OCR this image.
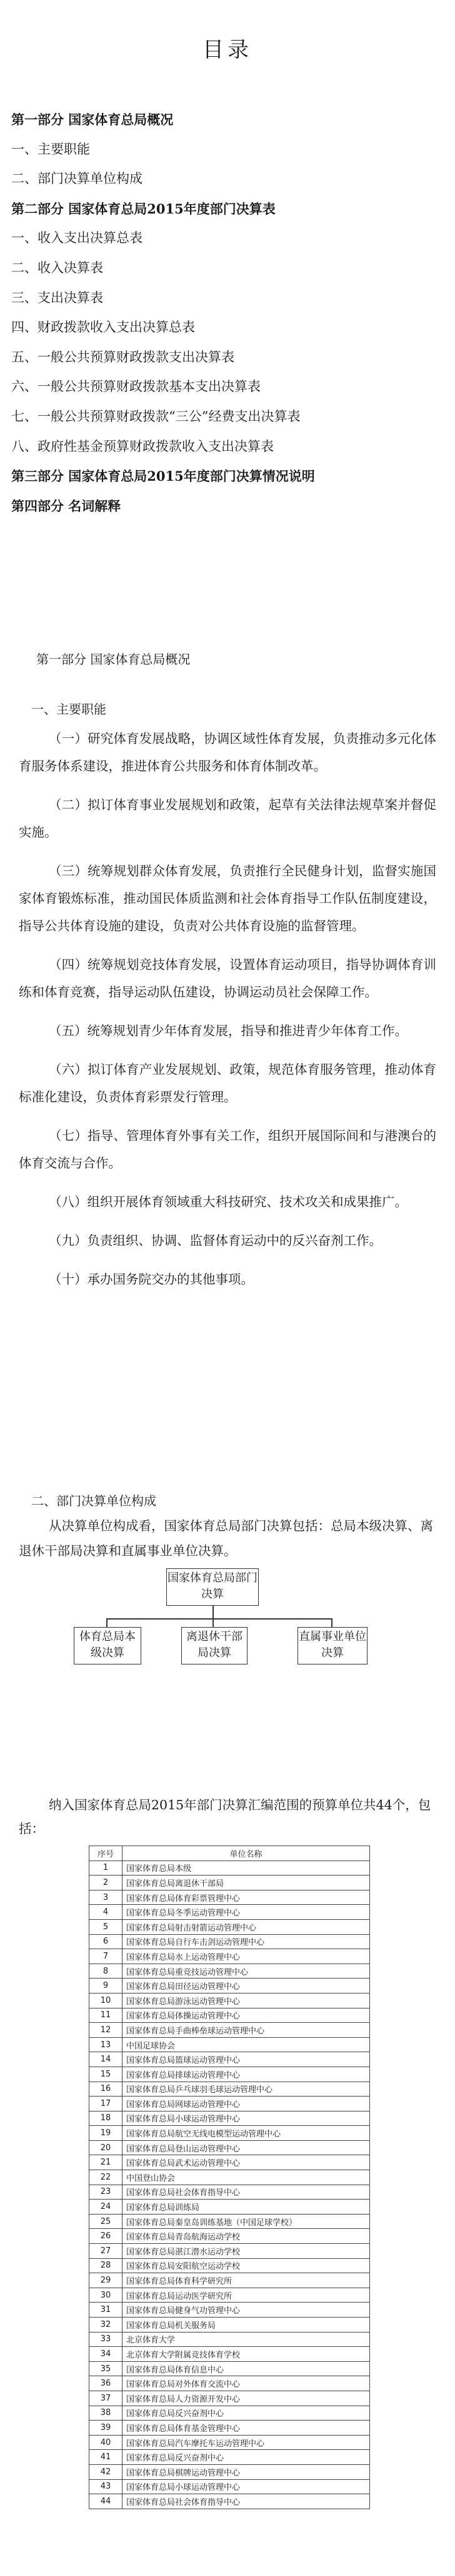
目录
第一部分 国家体育总局概况
一、主要职能
二、部门决算单位构成
第二部分 国家体育总局2015年度部门决算表
一、收入支出决算总表
二、收入决算表
三、支出决算表
四、财政拨款收入支出决算总表
五、一般公共预算财政拨款支出决算表
六、一般公共预算财政拨款基本支出决算表
七、一般公共预算财政拨款“三公”经费支出决算表
八、政府性基金预算财政拨款收入支出决算表
第三部分 国家体育总局2015年度部门决算情况说明
第四部分 名词解释
第一部分 国家体育总局概况
一、主要职能

（一）研究体育发展战略，协调区域性体育发展，负责推动多元化体育服务体系建设，推进体育公共服务和体育体制改革。

（二）拟订体育事业发展规划和政策，起草有关法律法规草案并督促实施。

（三）统筹规划群众体育发展，负责推行全民健身计划，监督实施国家体育锻炼标准，推动国民体质监测和社会体育指导工作队伍制度建设，指导公共体育设施的建设，负责对公共体育设施的监督管理。

（四）统筹规划竞技体育发展，设置体育运动项目，指导协调体育训练和体育竞赛，指导运动队伍建设，协调运动员社会保障工作。

（五）统筹规划青少年体育发展，指导和推进青少年体育工作。

（六）拟订体育产业发展规划、政策，规范体育服务管理，推动体育标准化建设，负责体育彩票发行管理。

（七）指导、管理体育外事有关工作，组织开展国际间和与港澳台的体育交流与合作。

（八）组织开展体育领域重大科技研究、技术攻关和成果推广。

（九）负责组织、协调、监督体育运动中的反兴奋剂工作。

（十）承办国务院交办的其他事项。

二、部门决算单位构成
从决算单位构成看，国家体育总局部门决算包括：总局本级决算、离退休干部局决算和直属事业单位决算。
国家体育总局部门决算
体育总局本级决算
离退休干部局决算
直属事业单位决算
纳入国家体育总局2015年部门决算汇编范围的预算单位共44个，包括：
序号	单位名称
1	国家体育总局本级
2	国家体育总局离退休干部局
3	国家体育总局体育彩票管理中心
4	国家体育总局冬季运动管理中心
5	国家体育总局射击射箭运动管理中心
6	国家体育总局自行车击剑运动管理中心
7	国家体育总局水上运动管理中心
8	国家体育总局重竞技运动管理中心
9	国家体育总局田径运动管理中心
10	国家体育总局游泳运动管理中心
11	国家体育总局体操运动管理中心
12	国家体育总局手曲棒垒球运动管理中心
13	中国足球协会
14	国家体育总局篮球运动管理中心
15	国家体育总局排球运动管理中心
16	国家体育总局乒乓球羽毛球运动管理中心
17	国家体育总局网球运动管理中心
18	国家体育总局小球运动管理中心
19	国家体育总局航空无线电模型运动管理中心
20	国家体育总局登山运动管理中心
21	国家体育总局武术运动管理中心
22	中国登山协会
23	国家体育总局社会体育指导中心
24	国家体育总局训练局
25	国家体育总局秦皇岛训练基地（中国足球学校）
26	国家体育总局青岛航海运动学校
27	国家体育总局湛江潜水运动学校
28	国家体育总局安阳航空运动学校
29	国家体育总局体育科学研究所
30	国家体育总局运动医学研究所
31	国家体育总局健身气功管理中心
32	国家体育总局机关服务局
33	北京体育大学
34	北京体育大学附属竞技体育学校
35	国家体育总局体育信息中心
36	国家体育总局对外体育交流中心
37	国家体育总局人力资源开发中心
38	国家体育总局反兴奋剂中心
39	国家体育总局体育基金管理中心
40	国家体育总局汽车摩托车运动管理中心
41	国家体育总局反兴奋剂中心
42	国家体育总局棋牌运动管理中心
43	国家体育总局小球运动管理中心
44	国家体育总局社会体育指导中心
